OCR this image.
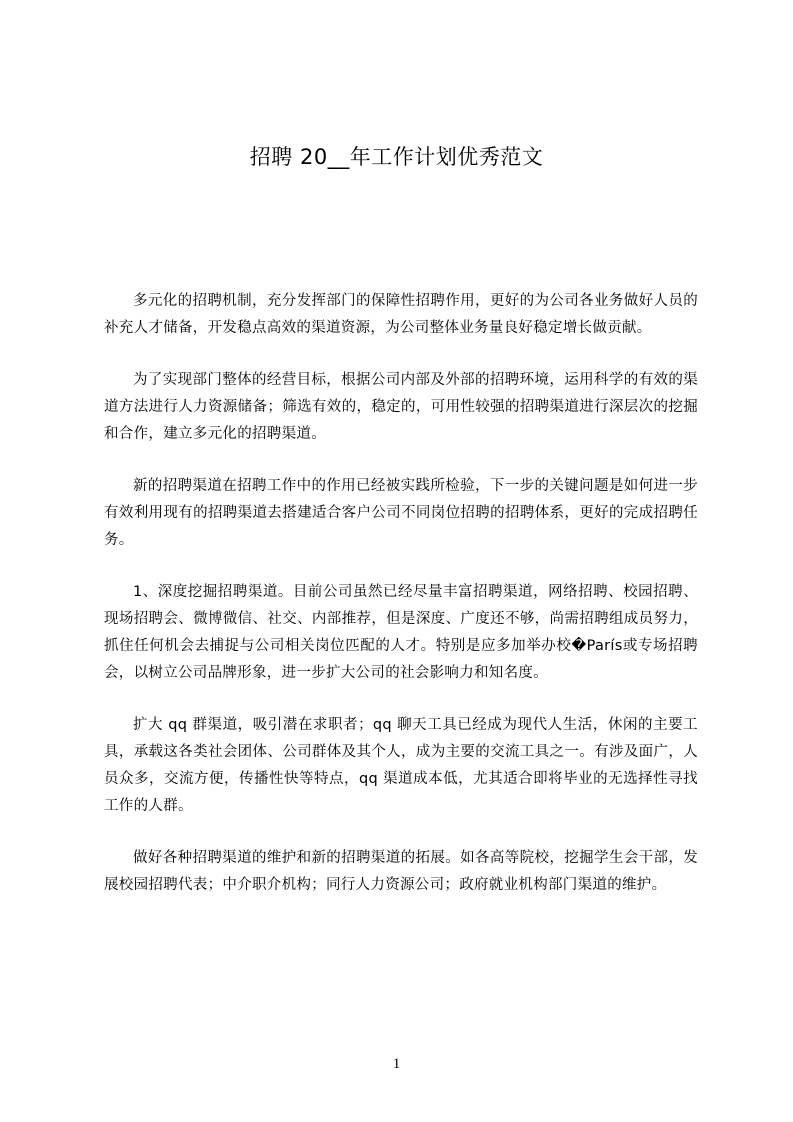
招聘 20__年工作计划优秀范文

多元化的招聘机制，充分发挥部门的保障性招聘作用，更好的为公司各业务做好人员的补充人才储备，开发稳点高效的渠道资源，为公司整体业务量良好稳定增长做贡献。

为了实现部门整体的经营目标，根据公司内部及外部的招聘环境，运用科学的有效的渠道方法进行人力资源储备；筛选有效的，稳定的，可用性较强的招聘渠道进行深层次的挖掘和合作，建立多元化的招聘渠道。

新的招聘渠道在招聘工作中的作用已经被实践所检验，下一步的关键问题是如何进一步有效利用现有的招聘渠道去搭建适合客户公司不同岗位招聘的招聘体系，更好的完成招聘任务。

1、深度挖掘招聘渠道。目前公司虽然已经尽量丰富招聘渠道，网络招聘、校园招聘、现场招聘会、微博微信、社交、内部推荐，但是深度、广度还不够，尚需招聘组成员努力，抓住任何机会去捕捉与公司相关岗位匹配的人才。特别是应多加举办校�París或专场招聘会，以树立公司品牌形象，进一步扩大公司的社会影响力和知名度。

扩大 qq 群渠道，吸引潜在求职者；qq 聊天工具已经成为现代人生活，休闲的主要工具，承载这各类社会团体、公司群体及其个人，成为主要的交流工具之一。有涉及面广，人员众多，交流方便，传播性快等特点，qq 渠道成本低，尤其适合即将毕业的无选择性寻找工作的人群。

做好各种招聘渠道的维护和新的招聘渠道的拓展。如各高等院校，挖掘学生会干部，发展校园招聘代表；中介职介机构；同行人力资源公司；政府就业机构部门渠道的维护。

1
